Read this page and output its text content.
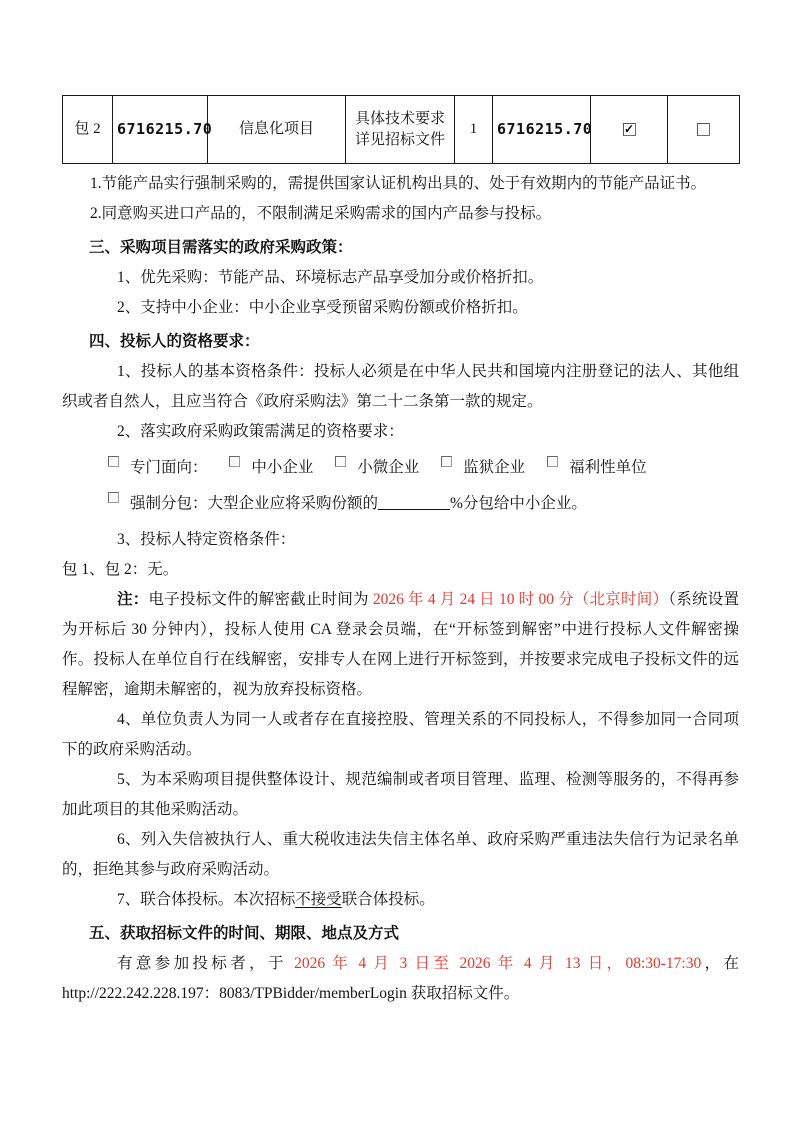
包 2	6716215.70	信息化项目	具体技术要求详见招标文件	1	6716215.70	✓	

1.节能产品实行强制采购的，需提供国家认证机构出具的、处于有效期内的节能产品证书。

2.同意购买进口产品的，不限制满足采购需求的国内产品参与投标。

三、采购项目需落实的政府采购政策：

1、优先采购：节能产品、环境标志产品享受加分或价格折扣。

2、支持中小企业：中小企业享受预留采购份额或价格折扣。

四、投标人的资格要求：

1、投标人的基本资格条件：投标人必须是在中华人民共和国境内注册登记的法人、其他组织或者自然人，且应当符合《政府采购法》第二十二条第一款的规定。

2、落实政府采购政策需满足的资格要求：

专门面向：	中小企业	小微企业	监狱企业	福利性单位

强制分包：大型企业应将采购份额的	%分包给中小企业。

3、投标人特定资格条件：

包 1、包 2：无。

注：电子投标文件的解密截止时间为 2026 年 4 月 24 日 10 时 00 分（北京时间）（系统设置为开标后 30 分钟内），投标人使用 CA 登录会员端，在“开标签到解密”中进行投标人文件解密操作。投标人在单位自行在线解密，安排专人在网上进行开标签到，并按要求完成电子投标文件的远程解密，逾期未解密的，视为放弃投标资格。

4、单位负责人为同一人或者存在直接控股、管理关系的不同投标人，不得参加同一合同项下的政府采购活动。

5、为本采购项目提供整体设计、规范编制或者项目管理、监理、检测等服务的，不得再参加此项目的其他采购活动。

6、列入失信被执行人、重大税收违法失信主体名单、政府采购严重违法失信行为记录名单的，拒绝其参与政府采购活动。

7、联合体投标。本次招标不接受联合体投标。

五、获取招标文件的时间、期限、地点及方式

有意参加投标者，于 2026 年 4 月 3 日至 2026 年 4 月 13 日，08:30-17:30，在 http://222.242.228.197：8083/TPBidder/memberLogin 获取招标文件。
